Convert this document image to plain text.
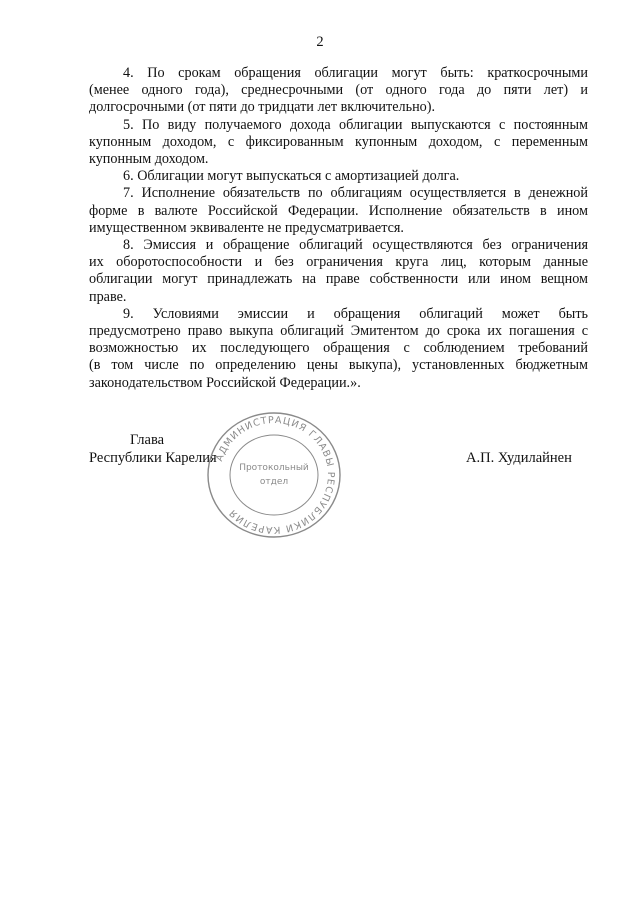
2
4. По срокам обращения облигации могут быть: краткосрочными
(менее одного года), среднесрочными (от одного года до пяти лет) и
долгосрочными (от пяти до тридцати лет включительно).
5. По виду получаемого дохода облигации выпускаются с постоянным
купонным доходом, с фиксированным купонным доходом, с переменным
купонным доходом.
6. Облигации могут выпускаться с амортизацией долга.
7. Исполнение обязательств по облигациям осуществляется в денежной
форме в валюте Российской Федерации. Исполнение обязательств в ином
имущественном эквиваленте не предусматривается.
8. Эмиссия и обращение облигаций осуществляются без ограничения
их оборотоспособности и без ограничения круга лиц, которым данные
облигации могут принадлежать на праве собственности или ином вещном
праве.
9. Условиями эмиссии и обращения облигаций может быть
предусмотрено право выкупа облигаций Эмитентом до срока их погашения с
возможностью их последующего обращения с соблюдением требований
(в том числе по определению цены выкупа), установленных бюджетным
законодательством Российской Федерации.».
Глава
Республики Карелия	А.П. Худилайнен
АДМИНИСТРАЦИЯ ГЛАВЫ РЕСПУБЛИКИ КАРЕЛИЯ
Протокольный
отдел
